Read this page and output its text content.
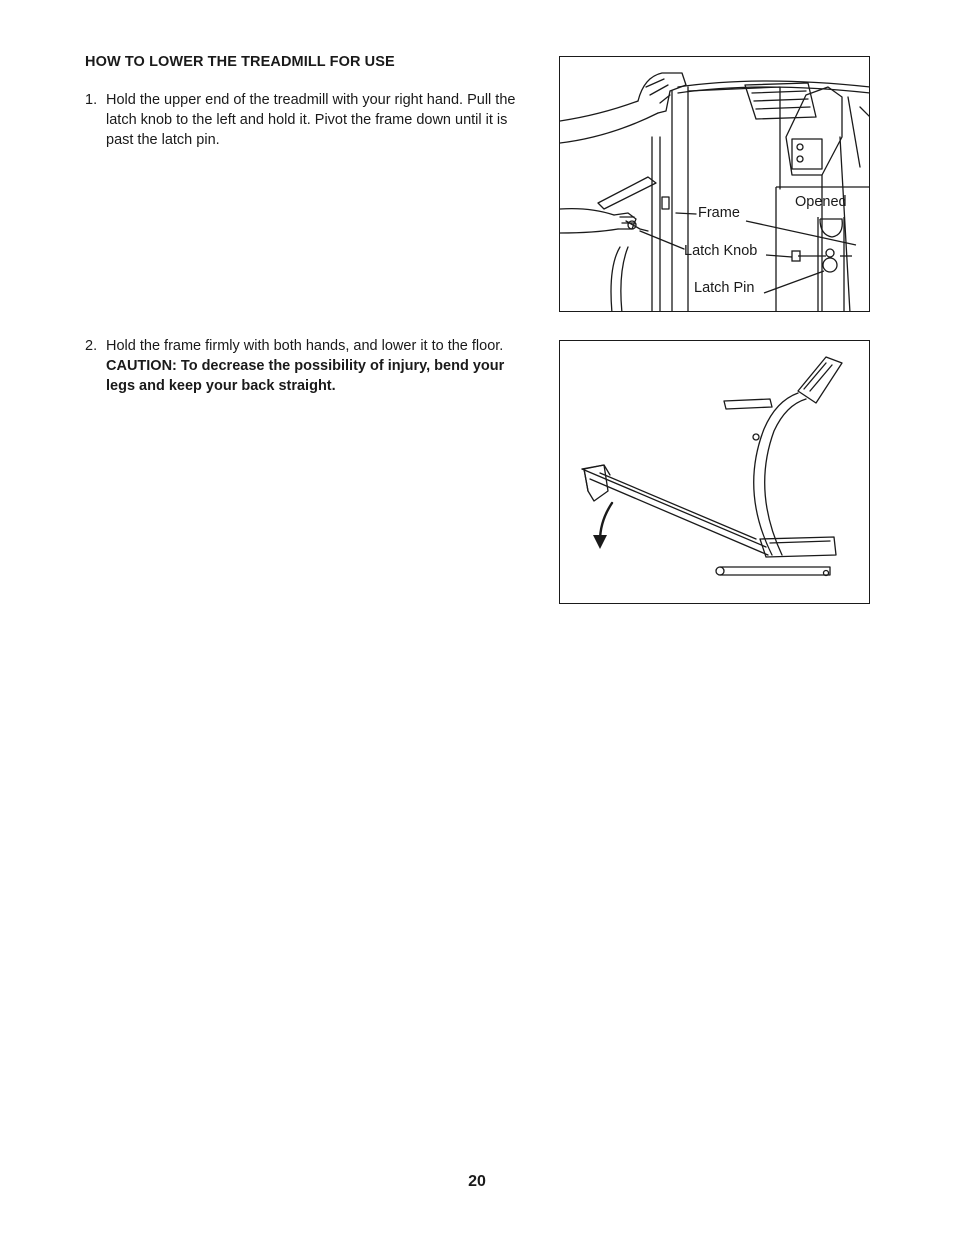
HOW TO LOWER THE TREADMILL FOR USE
1. Hold the upper end of the treadmill with your right hand. Pull the latch knob to the left and hold it. Pivot the frame down until it is past the latch pin.
2. Hold the frame firmly with both hands, and lower it to the floor. CAUTION: To decrease the possibility of injury, bend your legs and keep your back straight.
Frame
Latch Knob
Latch Pin
Opened
20
